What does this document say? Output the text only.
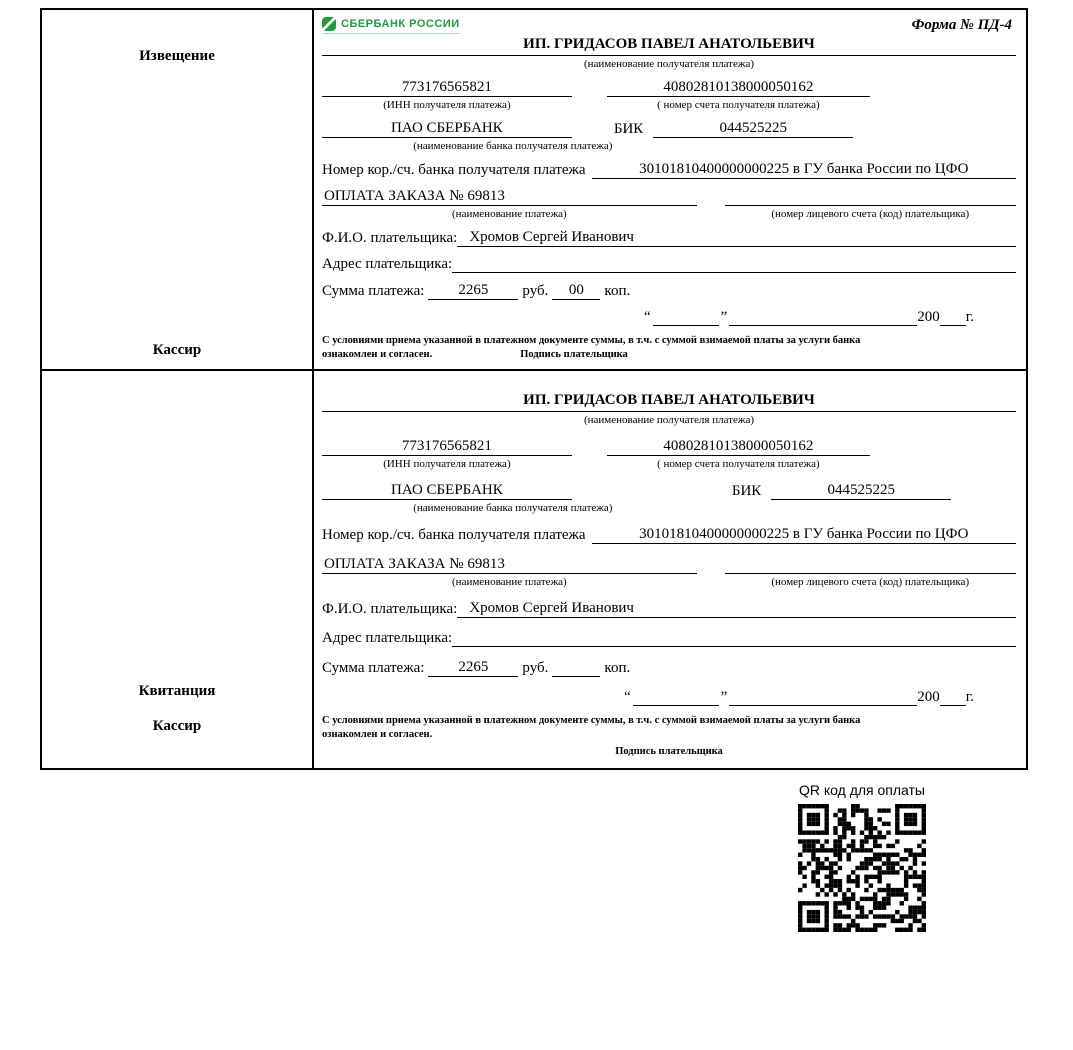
Извещение
Кассир
СБЕРБАНК РОССИИ	Форма № ПД-4
ИП. ГРИДАСОВ ПАВЕЛ АНАТОЛЬЕВИЧ
(наименование получателя платежа)
773176565821	40802810138000050162
(ИНН получателя платежа)	( номер счета получателя платежа)
ПАО СБЕРБАНК	БИК	044525225
(наименование банка получателя платежа)
Номер кор./сч. банка получателя платежа	30101810400000000225 в ГУ банка России по ЦФО
ОПЛАТА ЗАКАЗА № 69813
(наименование платежа)	(номер лицевого счета (код) плательщика)
Ф.И.О. плательщика: Хромов Сергей Иванович
Адрес плательщика:
Сумма платежа:	2265	руб.	00	коп.
“	”	200 г.
С условиями приема указанной в платежном документе суммы, в т.ч. с суммой взимаемой платы за услуги банка
ознакомлен и согласен.	Подпись плательщика
Квитанция
Кассир
ИП. ГРИДАСОВ ПАВЕЛ АНАТОЛЬЕВИЧ
(наименование получателя платежа)
773176565821	40802810138000050162
(ИНН получателя платежа)	( номер счета получателя платежа)
ПАО СБЕРБАНК	БИК	044525225
(наименование банка получателя платежа)
Номер кор./сч. банка получателя платежа	30101810400000000225 в ГУ банка России по ЦФО
ОПЛАТА ЗАКАЗА № 69813
(наименование платежа)	(номер лицевого счета (код) плательщика)
Ф.И.О. плательщика: Хромов Сергей Иванович
Адрес плательщика:
Сумма платежа:	2265	руб.	коп.
“	”	200 г.
С условиями приема указанной в платежном документе суммы, в т.ч. с суммой взимаемой платы за услуги банка
ознакомлен и согласен.
Подпись плательщика
QR код для оплаты
